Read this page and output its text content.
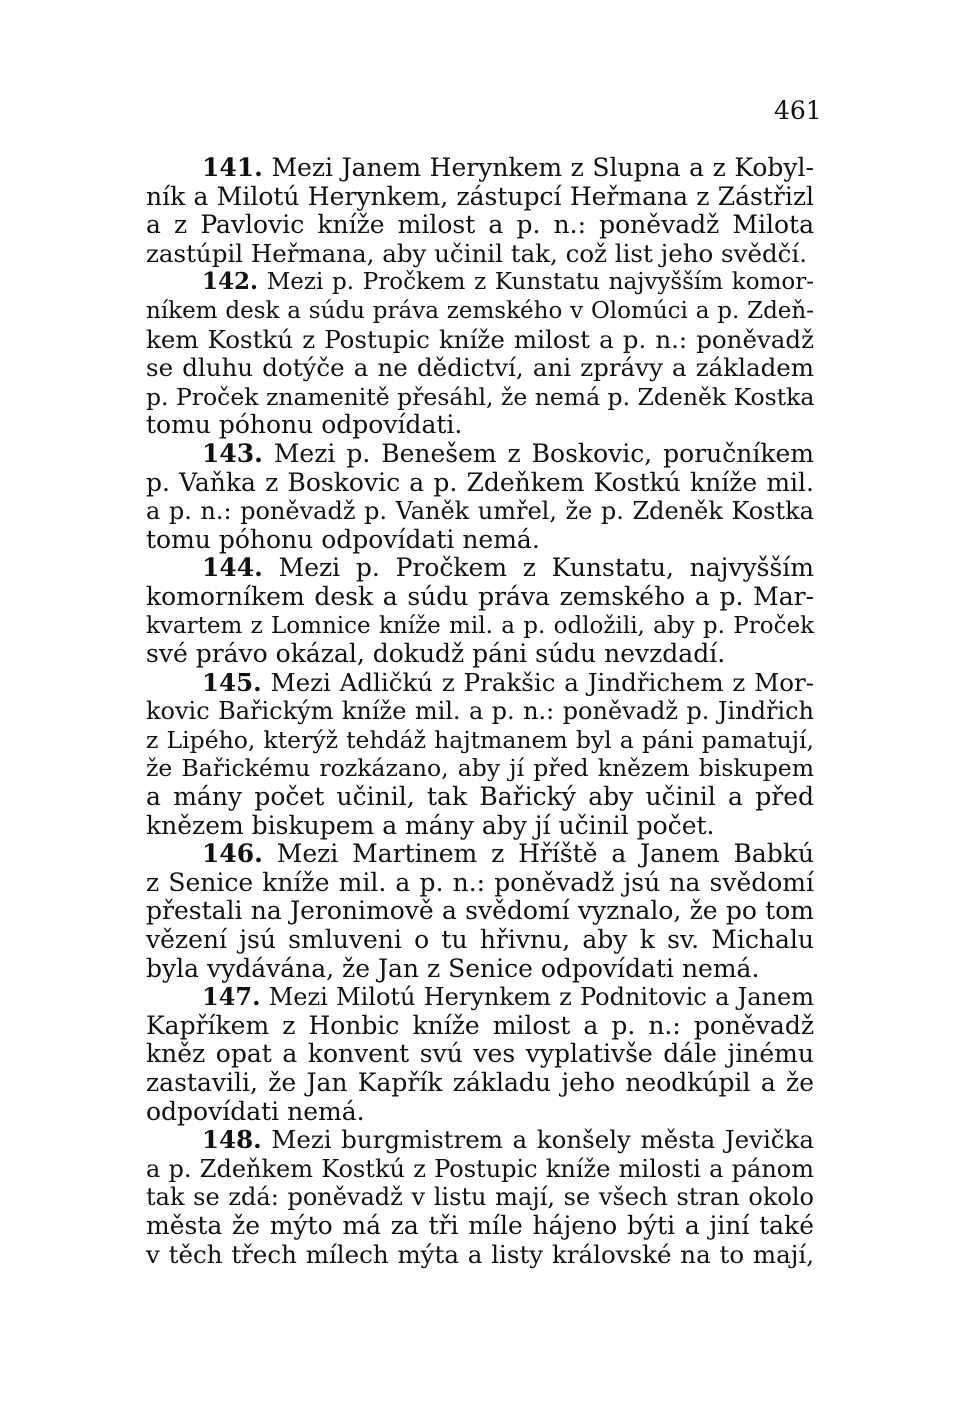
461
141. Mezi Janem Herynkem z Slupna a z Kobyl-
ník a Milotú Herynkem, zástupcí Heřmana z Zástřizl
a z Pavlovic kníže milost a p. n.: poněvadž Milota
zastúpil Heřmana, aby učinil tak, což list jeho svědčí.
142. Mezi p. Pročkem z Kunstatu najvyšším komor-
níkem desk a súdu práva zemského v Olomúci a p. Zdeň-
kem Kostkú z Postupic kníže milost a p. n.: poněvadž
se dluhu dotýče a ne dědictví, ani zprávy a základem
p. Proček znamenitě přesáhl, že nemá p. Zdeněk Kostka
tomu póhonu odpovídati.
143. Mezi p. Benešem z Boskovic, poručníkem
p. Vaňka z Boskovic a p. Zdeňkem Kostkú kníže mil.
a p. n.: poněvadž p. Vaněk umřel, že p. Zdeněk Kostka
tomu póhonu odpovídati nemá.
144. Mezi p. Pročkem z Kunstatu, najvyšším
komorníkem desk a súdu práva zemského a p. Mar-
kvartem z Lomnice kníže mil. a p. odložili, aby p. Proček
své právo okázal, dokudž páni súdu nevzdadí.
145. Mezi Adličkú z Prakšic a Jindřichem z Mor-
kovic Bařickým kníže mil. a p. n.: poněvadž p. Jindřich
z Lipého, kterýž tehdáž hajtmanem byl a páni pamatují,
že Bařickému rozkázano, aby jí před knězem biskupem
a mány počet učinil, tak Bařický aby učinil a před
knězem biskupem a mány aby jí učinil počet.
146. Mezi Martinem z Hříště a Janem Babkú
z Senice kníže mil. a p. n.: poněvadž jsú na svědomí
přestali na Jeronimově a svědomí vyznalo, že po tom
vězení jsú smluveni o tu hřivnu, aby k sv. Michalu
byla vydávána, že Jan z Senice odpovídati nemá.
147. Mezi Milotú Herynkem z Podnitovic a Janem
Kapříkem z Honbic kníže milost a p. n.: poněvadž
kněz opat a konvent svú ves vyplativše dále jinému
zastavili, že Jan Kapřík základu jeho neodkúpil a že
odpovídati nemá.
148. Mezi burgmistrem a konšely města Jevička
a p. Zdeňkem Kostkú z Postupic kníže milosti a pánom
tak se zdá: poněvadž v listu mají, se všech stran okolo
města že mýto má za tři míle hájeno býti a jiní také
v těch třech mílech mýta a listy královské na to mají,
